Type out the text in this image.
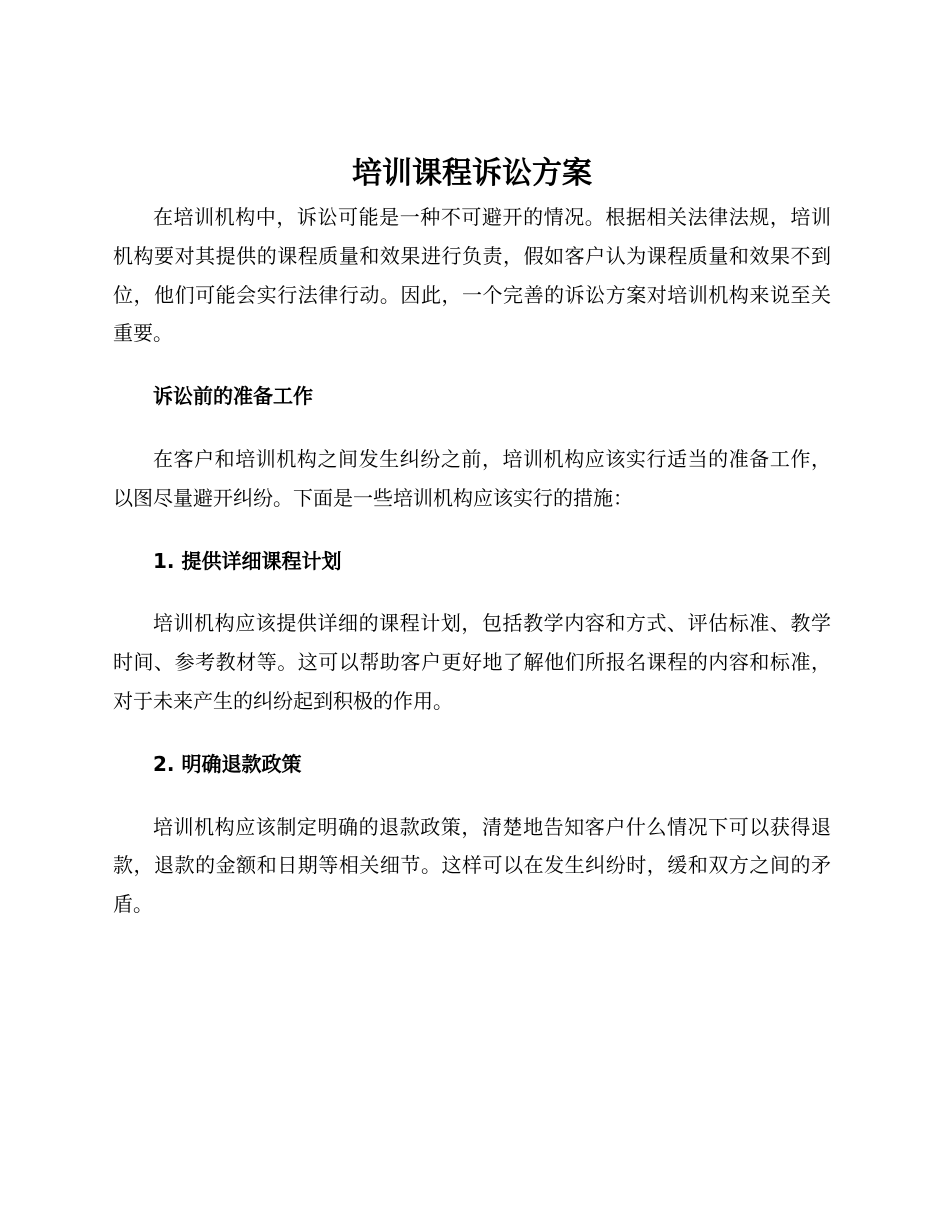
培训课程诉讼方案

在培训机构中，诉讼可能是一种不可避开的情况。根据相关法律法规，培训机构要对其提供的课程质量和效果进行负责，假如客户认为课程质量和效果不到位，他们可能会实行法律行动。因此，一个完善的诉讼方案对培训机构来说至关重要。

诉讼前的准备工作

在客户和培训机构之间发生纠纷之前，培训机构应该实行适当的准备工作，以图尽量避开纠纷。下面是一些培训机构应该实行的措施：

1. 提供详细课程计划

培训机构应该提供详细的课程计划，包括教学内容和方式、评估标准、教学时间、参考教材等。这可以帮助客户更好地了解他们所报名课程的内容和标准，对于未来产生的纠纷起到积极的作用。

2. 明确退款政策

培训机构应该制定明确的退款政策，清楚地告知客户什么情况下可以获得退款，退款的金额和日期等相关细节。这样可以在发生纠纷时，缓和双方之间的矛盾。
